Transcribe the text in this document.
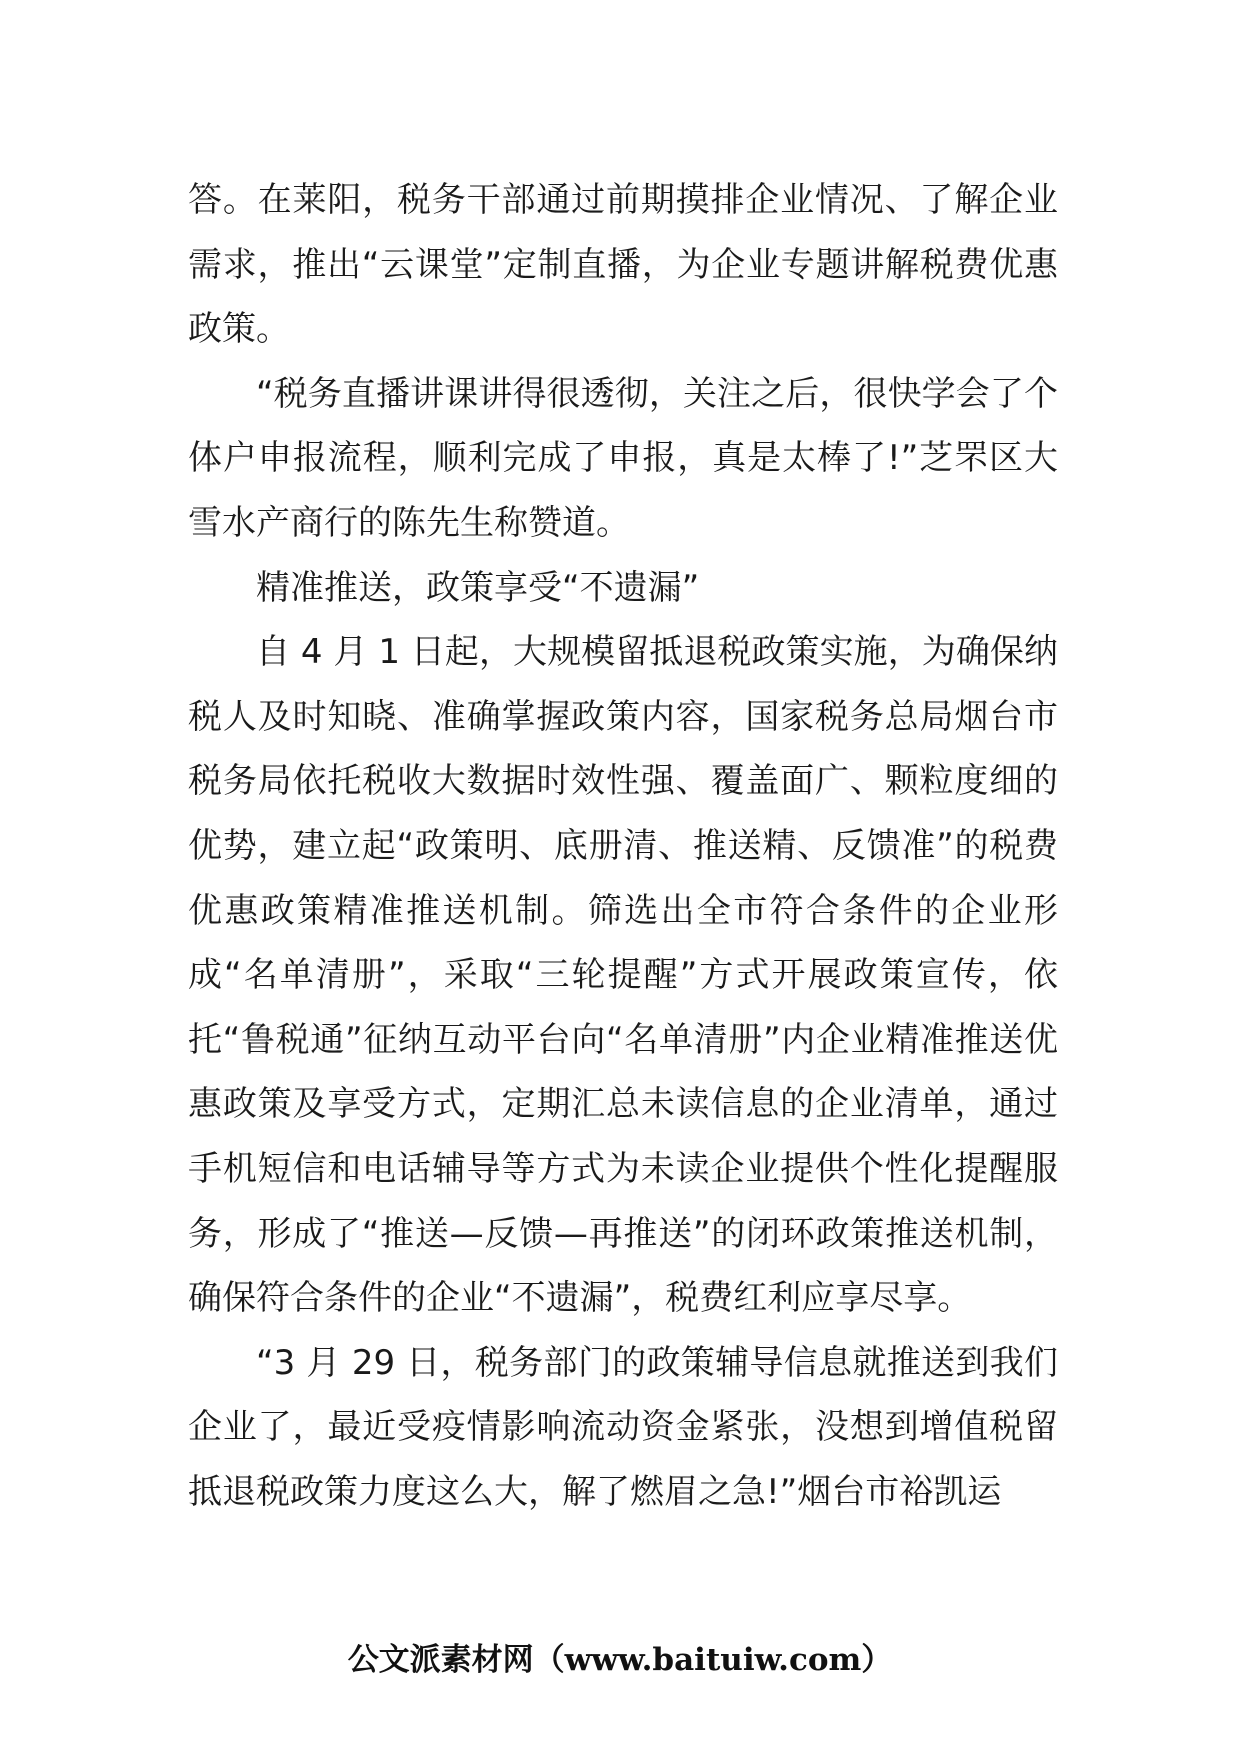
答。在莱阳，税务干部通过前期摸排企业情况、了解企业需求，推出“云课堂”定制直播，为企业专题讲解税费优惠政策。

“税务直播讲课讲得很透彻，关注之后，很快学会了个体户申报流程，顺利完成了申报，真是太棒了!”芝罘区大雪水产商行的陈先生称赞道。

精准推送，政策享受“不遗漏”

自 4 月 1 日起，大规模留抵退税政策实施，为确保纳税人及时知晓、准确掌握政策内容，国家税务总局烟台市税务局依托税收大数据时效性强、覆盖面广、颗粒度细的优势，建立起“政策明、底册清、推送精、反馈准”的税费优惠政策精准推送机制。筛选出全市符合条件的企业形成“名单清册”，采取“三轮提醒”方式开展政策宣传，依托“鲁税通”征纳互动平台向“名单清册”内企业精准推送优惠政策及享受方式，定期汇总未读信息的企业清单，通过手机短信和电话辅导等方式为未读企业提供个性化提醒服务，形成了“推送—反馈—再推送”的闭环政策推送机制，确保符合条件的企业“不遗漏”，税费红利应享尽享。

“3 月 29 日，税务部门的政策辅导信息就推送到我们企业了，最近受疫情影响流动资金紧张，没想到增值税留抵退税政策力度这么大，解了燃眉之急!”烟台市裕凯运

公文派素材网（www.baituiw.com）
